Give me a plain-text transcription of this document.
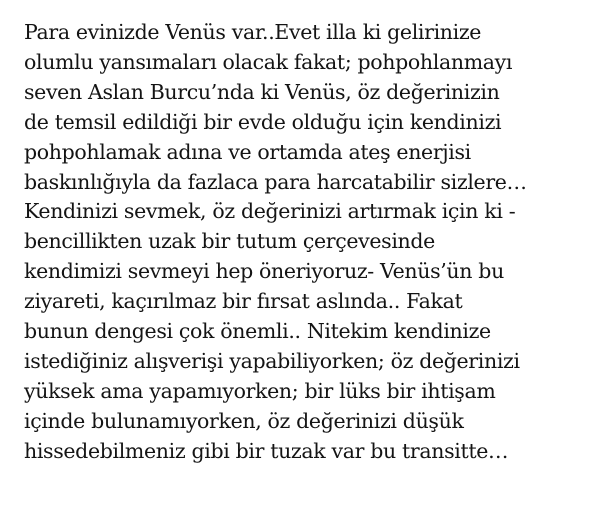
Para evinizde Venüs var..Evet illa ki gelirinize
olumlu yansımaları olacak fakat; pohpohlanmayı
seven Aslan Burcu’nda ki Venüs, öz değerinizin
de temsil edildiği bir evde olduğu için kendinizi
pohpohlamak adına ve ortamda ateş enerjisi
baskınlığıyla da fazlaca para harcatabilir sizlere…
Kendinizi sevmek, öz değerinizi artırmak için ki -
bencillikten uzak bir tutum çerçevesinde
kendimizi sevmeyi hep öneriyoruz- Venüs’ün bu
ziyareti, kaçırılmaz bir fırsat aslında.. Fakat
bunun dengesi çok önemli.. Nitekim kendinize
istediğiniz alışverişi yapabiliyorken; öz değerinizi
yüksek ama yapamıyorken; bir lüks bir ihtişam
içinde bulunamıyorken, öz değerinizi düşük
hissedebilmeniz gibi bir tuzak var bu transitte…
